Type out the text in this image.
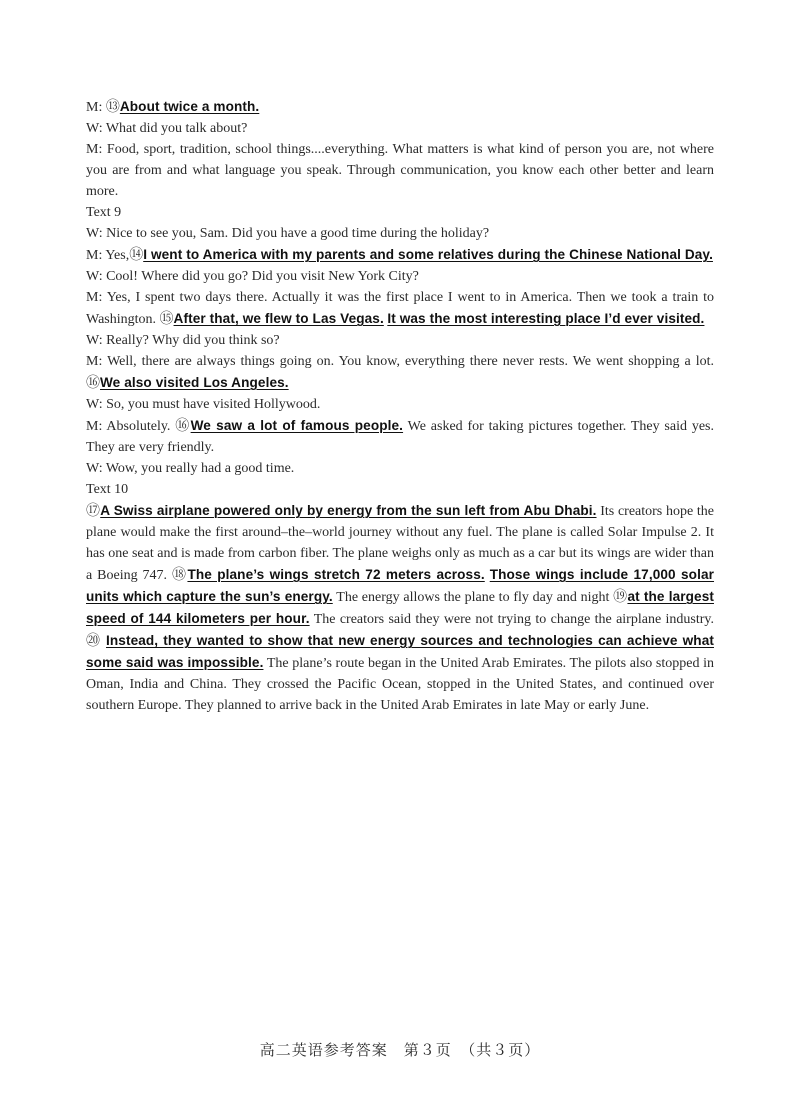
M: ⑬About twice a month.

W: What did you talk about?

M: Food, sport, tradition, school things....everything. What matters is what kind of person you are, not where you are from and what language you speak. Through communication, you know each other better and learn more.

Text 9

W: Nice to see you, Sam. Did you have a good time during the holiday?

M: Yes,⑭I went to America with my parents and some relatives during the Chinese National Day.

W: Cool! Where did you go? Did you visit New York City?

M: Yes, I spent two days there. Actually it was the first place I went to in America. Then we took a train to Washington. ⑮After that, we flew to Las Vegas. It was the most interesting place I’d ever visited.

W: Really? Why did you think so?

M: Well, there are always things going on. You know, everything there never rests. We went shopping a lot. ⑯We also visited Los Angeles.

W: So, you must have visited Hollywood.

M: Absolutely. ⑯We saw a lot of famous people. We asked for taking pictures together. They said yes. They are very friendly.

W: Wow, you really had a good time.

Text 10

⑰A Swiss airplane powered only by energy from the sun left from Abu Dhabi. Its creators hope the plane would make the first around–the–world journey without any fuel. The plane is called Solar Impulse 2. It has one seat and is made from carbon fiber. The plane weighs only as much as a car but its wings are wider than a Boeing 747. ⑱The plane’s wings stretch 72 meters across. Those wings include 17,000 solar units which capture the sun’s energy. The energy allows the plane to fly day and night ⑲at the largest speed of 144 kilometers per hour. The creators said they were not trying to change the airplane industry. ⑳ Instead, they wanted to show that new energy sources and technologies can achieve what some said was impossible. The plane’s route began in the United Arab Emirates. The pilots also stopped in Oman, India and China. They crossed the Pacific Ocean, stopped in the United States, and continued over southern Europe. They planned to arrive back in the United Arab Emirates in late May or early June.

高二英语参考答案　第３页　（共３页）
